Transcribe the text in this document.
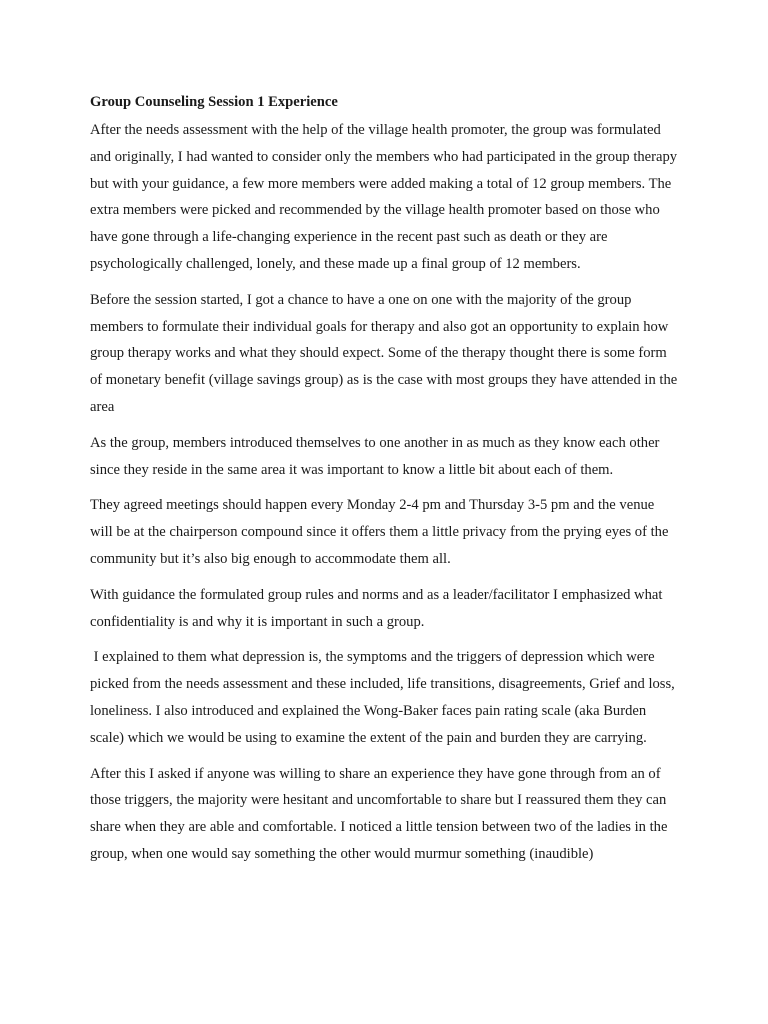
Group Counseling Session 1 Experience
After the needs assessment with the help of the village health promoter, the group was formulated and originally, I had wanted to consider only the members who had participated in the group therapy but with your guidance, a few more members were added making a total of 12 group members. The extra members were picked and recommended by the village health promoter based on those who have gone through a life-changing experience in the recent past such as death or they are psychologically challenged, lonely, and these made up a final group of 12 members.
Before the session started, I got a chance to have a one on one with the majority of the group members to formulate their individual goals for therapy and also got an opportunity to explain how group therapy works and what they should expect. Some of the therapy thought there is some form of monetary benefit (village savings group) as is the case with most groups they have attended in the area
As the group, members introduced themselves to one another in as much as they know each other since they reside in the same area it was important to know a little bit about each of them.
They agreed meetings should happen every Monday 2-4 pm and Thursday 3-5 pm and the venue will be at the chairperson compound since it offers them a little privacy from the prying eyes of the community but it’s also big enough to accommodate them all.
With guidance the formulated group rules and norms and as a leader/facilitator I emphasized what confidentiality is and why it is important in such a group.
I explained to them what depression is, the symptoms and the triggers of depression which were picked from the needs assessment and these included, life transitions, disagreements, Grief and loss, loneliness. I also introduced and explained the Wong-Baker faces pain rating scale (aka Burden scale) which we would be using to examine the extent of the pain and burden they are carrying.
After this I asked if anyone was willing to share an experience they have gone through from an of those triggers, the majority were hesitant and uncomfortable to share but I reassured them they can share when they are able and comfortable. I noticed a little tension between two of the ladies in the group, when one would say something the other would murmur something (inaudible)
